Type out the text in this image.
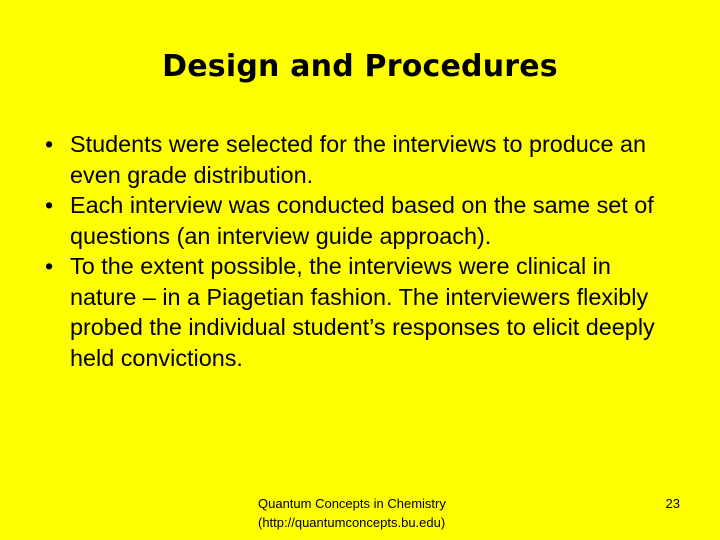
Design and Procedures
• Students were selected for the interviews to produce an even grade distribution.
• Each interview was conducted based on the same set of questions (an interview guide approach).
• To the extent possible, the interviews were clinical in nature – in a Piagetian fashion. The interviewers flexibly probed the individual student’s responses to elicit deeply held convictions.
Quantum Concepts in Chemistry
(http://quantumconcepts.bu.edu)
23
